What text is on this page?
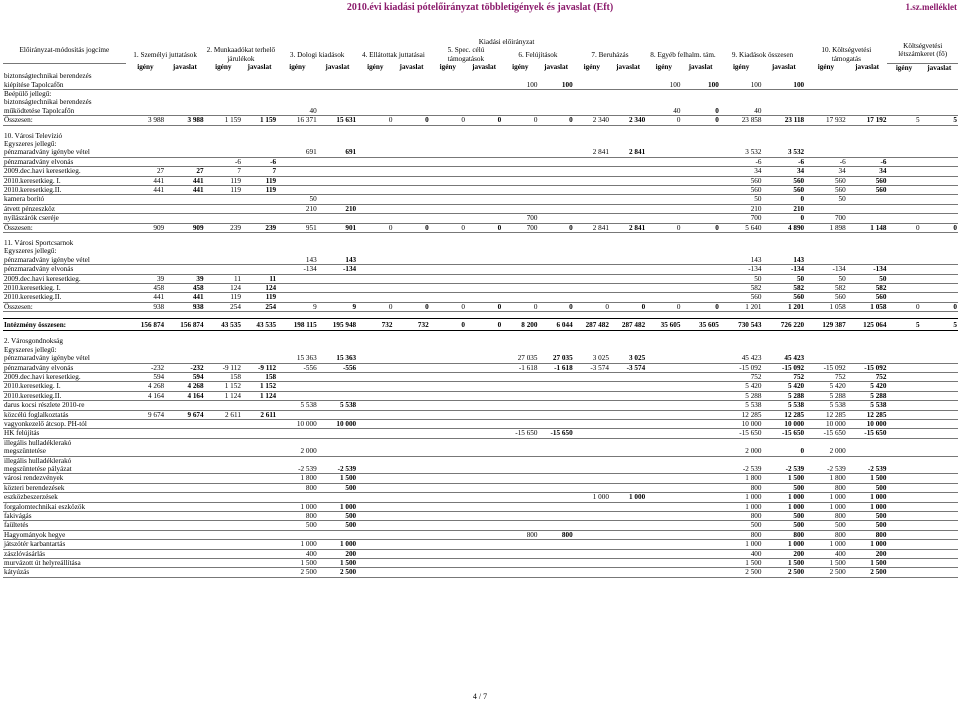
2010.évi kiadási pótelőirányzat többletigények és javaslat (Eft)	1.sz.melléklet
Előirányzat-módosítás jogcíme	Kiadási előirányzat																				Költségvetési létszámkeret (fő)	
	1. Személyi juttatások		2. Munkaadókat terhelő járulékok		3. Dologi kiadások		4. Ellátottak juttatásai		5. Spec. célú támogatások		6. Felújítások		7. Beruházás		8. Egyéb felhalm. tám.		9. Kiadások összesen		10. Költségvetési támogatás			
	igény	javaslat	igény	javaslat	igény	javaslat	igény	javaslat	igény	javaslat	igény	javaslat	igény	javaslat	igény	javaslat	igény	javaslat	igény	javaslat	igény	javaslat
biztonságtechnikai berendezés																						
kiépítése Tapolcafőn											100	100			100	100	100	100				
Beépülő jellegű:																						
biztonságtechnikai berendezés																						
működtetése Tapolcafőn					40										40	0	40					
Összesen:	3 988	3 988	1 159	1 159	16 371	15 631	0	0	0	0	0	0	2 340	2 340	0	0	23 858	23 118	17 932	17 192	5	5

10. Városi Televízió																						
Egyszeres jellegű:																						
pénzmaradvány igénybe vétel					691	691							2 841	2 841			3 532	3 532				
pénzmaradvány elvonás			-6	-6													-6	-6	-6	-6		
2009.dec.havi keresetkieg.	27	27	7	7													34	34	34	34		
2010.keresetkieg. I.	441	441	119	119													560	560	560	560		
2010.keresetkieg.II.	441	441	119	119													560	560	560	560		
kamera borító					50												50	0	50			
átvett pénzeszköz					210	210											210	210				
nyílászárók cseréje											700						700	0	700			
Összesen:	909	909	239	239	951	901	0	0	0	0	700	0	2 841	2 841	0	0	5 640	4 890	1 898	1 148	0	0

11. Városi Sportcsarnok																						
Egyszeres jellegű:																						
pénzmaradvány igénybe vétel					143	143											143	143				
pénzmaradvány elvonás					-134	-134											-134	-134	-134	-134		
2009.dec.havi keresetkieg.	39	39	11	11													50	50	50	50		
2010.keresetkieg. I.	458	458	124	124													582	582	582	582		
2010.keresetkieg.II.	441	441	119	119													560	560	560	560		
Összesen:	938	938	254	254	9	9	0	0	0	0	0	0	0	0	0	0	1 201	1 201	1 058	1 058	0	0

Intézmény összesen:	156 874	156 874	43 535	43 535	198 115	195 948	732	732	0	0	8 200	6 044	287 482	287 482	35 605	35 605	730 543	726 220	129 387	125 064	5	5

2. Városgondnokság																						
Egyszeres jellegű:																						
pénzmaradvány igénybe vétel					15 363	15 363					27 035	27 035	3 025	3 025			45 423	45 423				
pénzmaradvány elvonás	-232	-232	-9 112	-9 112	-556	-556					-1 618	-1 618	-3 574	-3 574			-15 092	-15 092	-15 092	-15 092		
2009.dec.havi keresetkieg.	594	594	158	158													752	752	752	752		
2010.keresetkieg. I.	4 268	4 268	1 152	1 152													5 420	5 420	5 420	5 420		
2010.keresetkieg.II.	4 164	4 164	1 124	1 124													5 288	5 288	5 288	5 288		
darus kocsi részlete 2010-re					5 538	5 538											5 538	5 538	5 538	5 538		
közcélú foglalkoztatás	9 674	9 674	2 611	2 611													12 285	12 285	12 285	12 285		
vagyonkezelő átcsop. PH-tól					10 000	10 000											10 000	10 000	10 000	10 000		
HK felújítás											-15 650	-15 650					-15 650	-15 650	-15 650	-15 650		
illegális hulladéklerakó																						
megszüntetése					2 000												2 000	0	2 000			
illegális hulladéklerakó																						
megszüntetése pályázat					-2 539	-2 539											-2 539	-2 539	-2 539	-2 539		
városi rendezvények					1 800	1 500											1 800	1 500	1 800	1 500		
közteri berendezések					800	500											800	500	800	500		
eszközbeszerzések													1 000	1 000			1 000	1 000	1 000	1 000		
forgalomtechnikai eszközök					1 000	1 000											1 000	1 000	1 000	1 000		
fakivágás					800	500											800	500	800	500		
faültetés					500	500											500	500	500	500		
Hagyományok hegye											800	800					800	800	800	800		
játszótér karbantartás					1 000	1 000											1 000	1 000	1 000	1 000		
zászlóvásárlás					400	200											400	200	400	200		
murvázott út helyreállítása					1 500	1 500											1 500	1 500	1 500	1 500		
kátyúzás					2 500	2 500											2 500	2 500	2 500	2 500		
4 / 7
